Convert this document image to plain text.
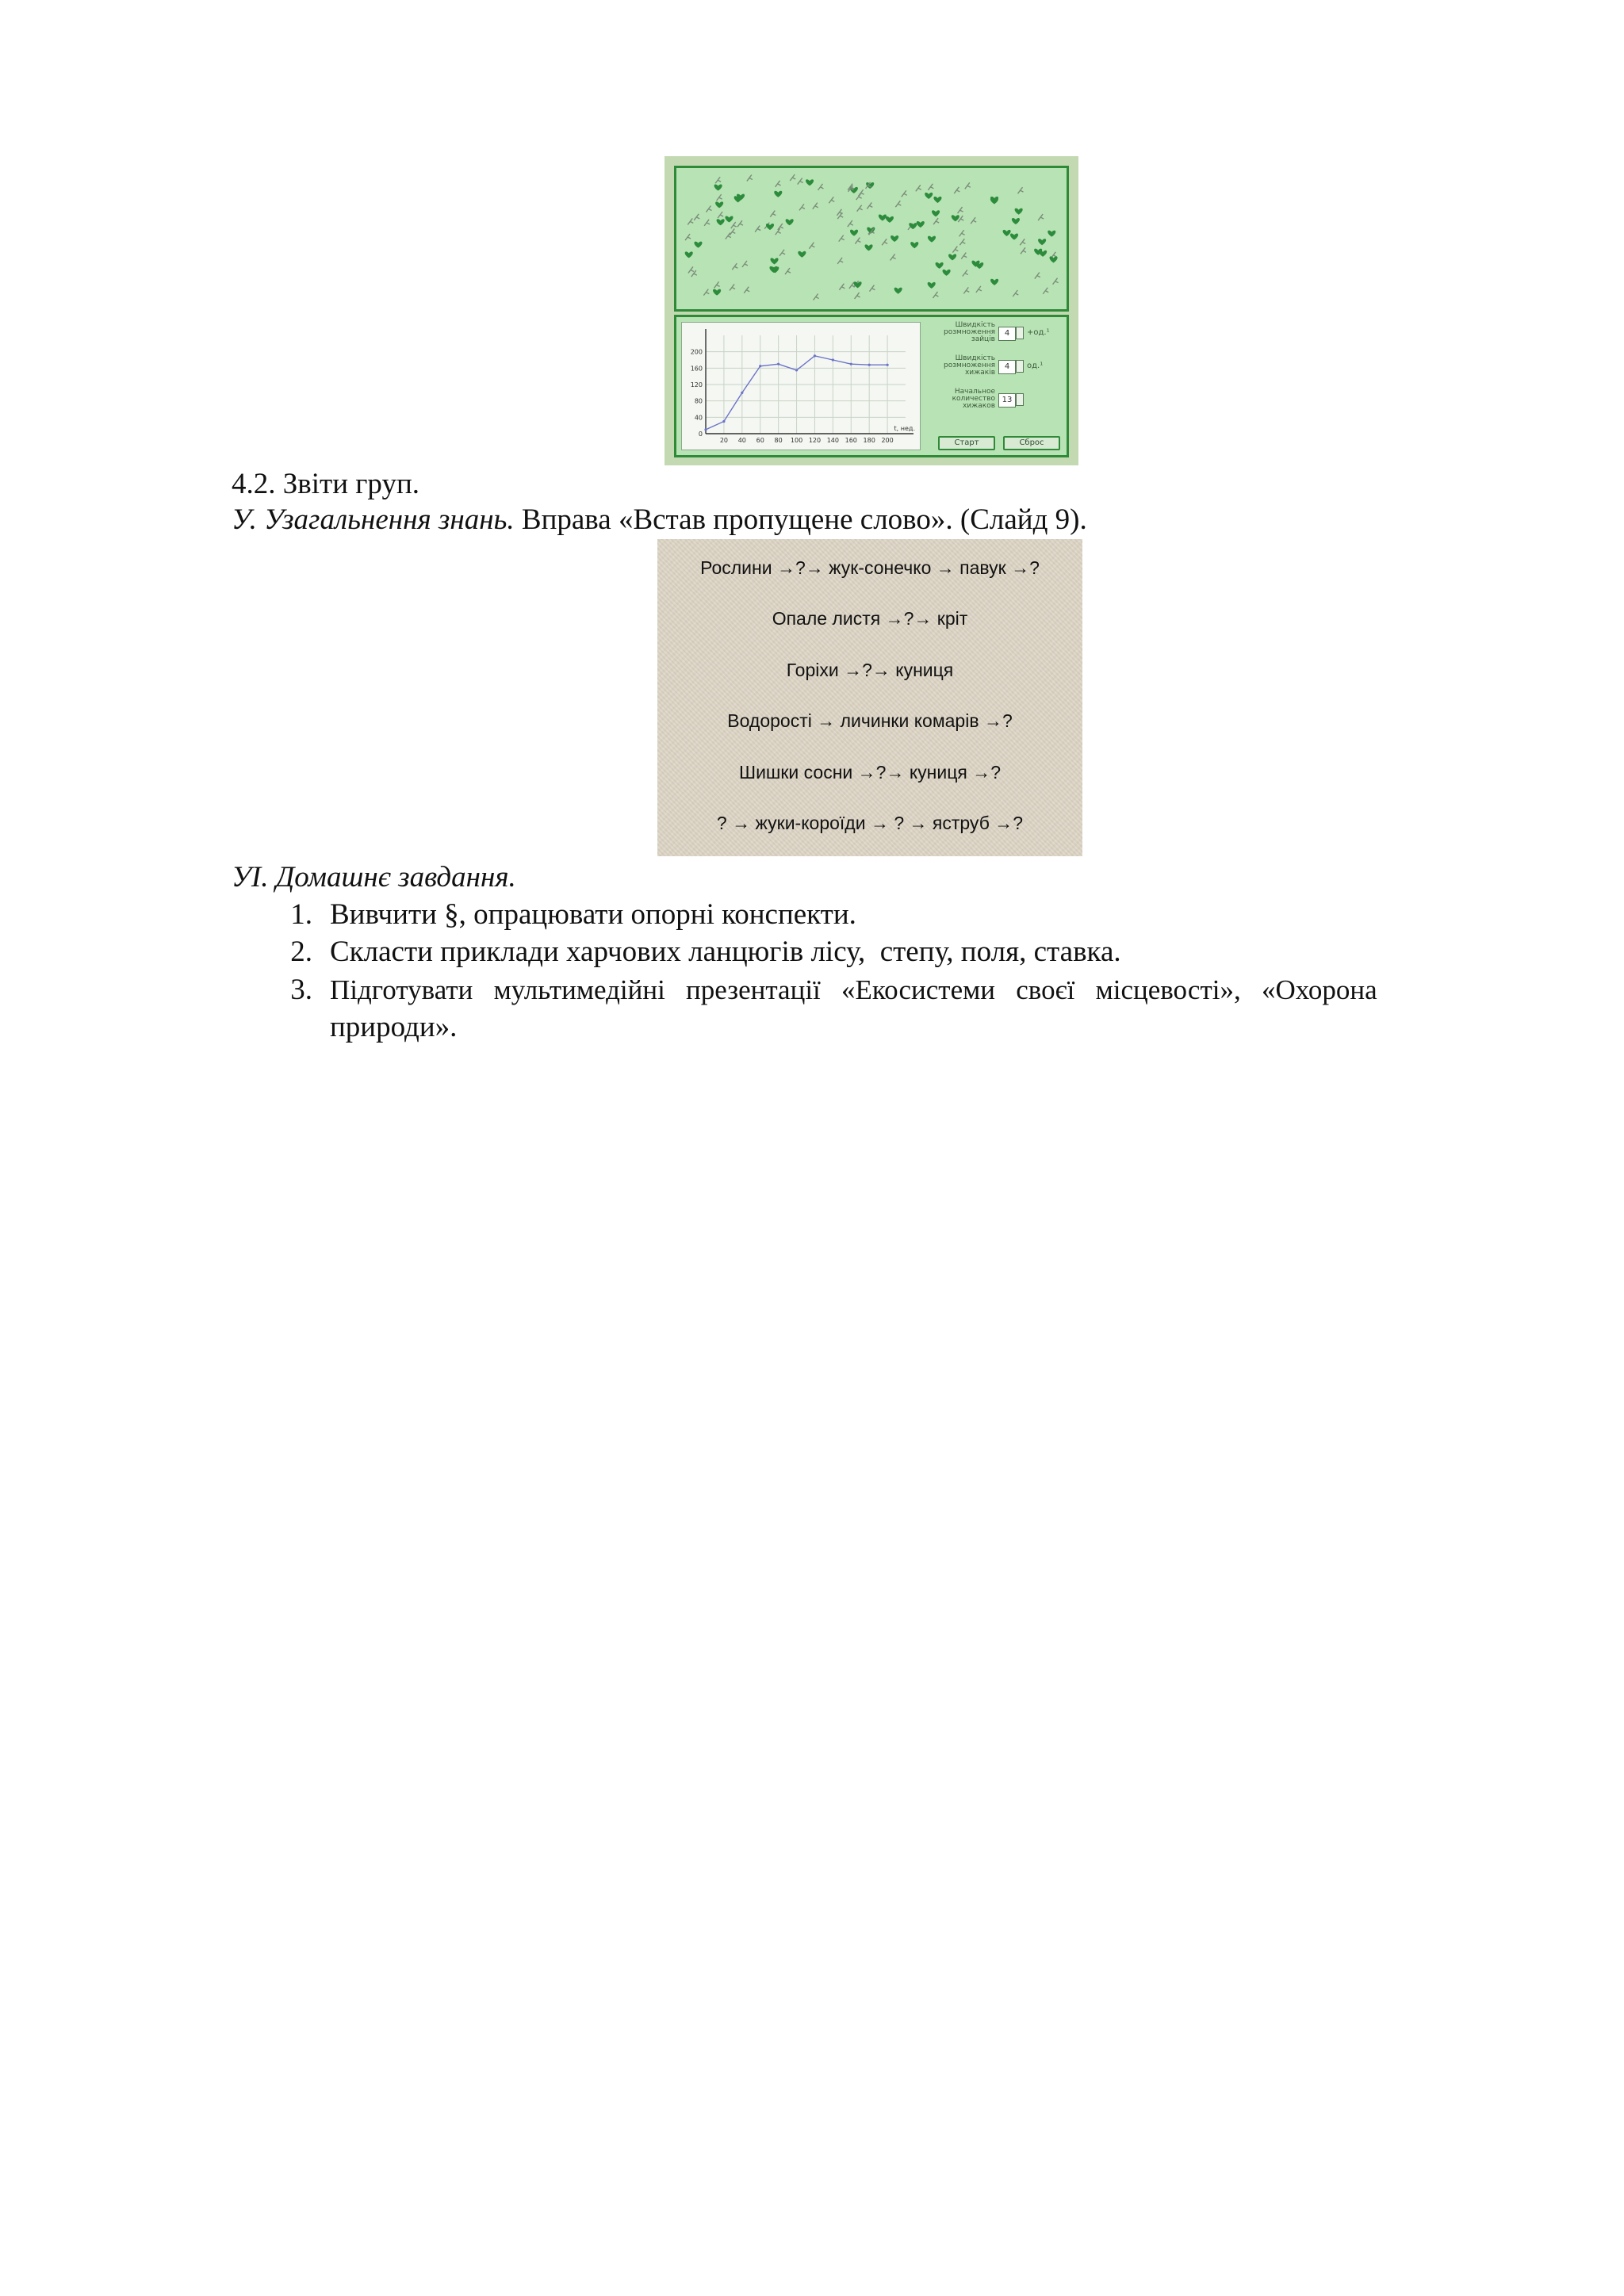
20 40 60 80 100 120 140 160 180 200
0
40
80
120
160
200
t, нед.
Швидкість
розмноження
зайців
4	+од.¹
Швидкість
розмноження
хижаків
4	од.¹
Начальное
количество
хижаков
13
Старт	Сброс
4.2. Звіти груп.
У. Узагальнення знань. Вправа «Встав пропущене слово». (Слайд 9).
Рослини →?→ жук-сонечко → павук →?
Опале листя →?→ кріт
Горіхи →?→ куниця
Водорості → личинки комарів →?
Шишки сосни →?→ куниця →?
? → жуки-короїди → ? → яструб →?
УІ. Домашнє завдання.
1. Вивчити §, опрацювати опорні конспекти.
2. Скласти приклади харчових ланцюгів лісу,  степу, поля, ставка.
3. Підготувати   мультимедійні   презентації   «Екосистеми   своєї   місцевості»,   «Охорона
природи».
